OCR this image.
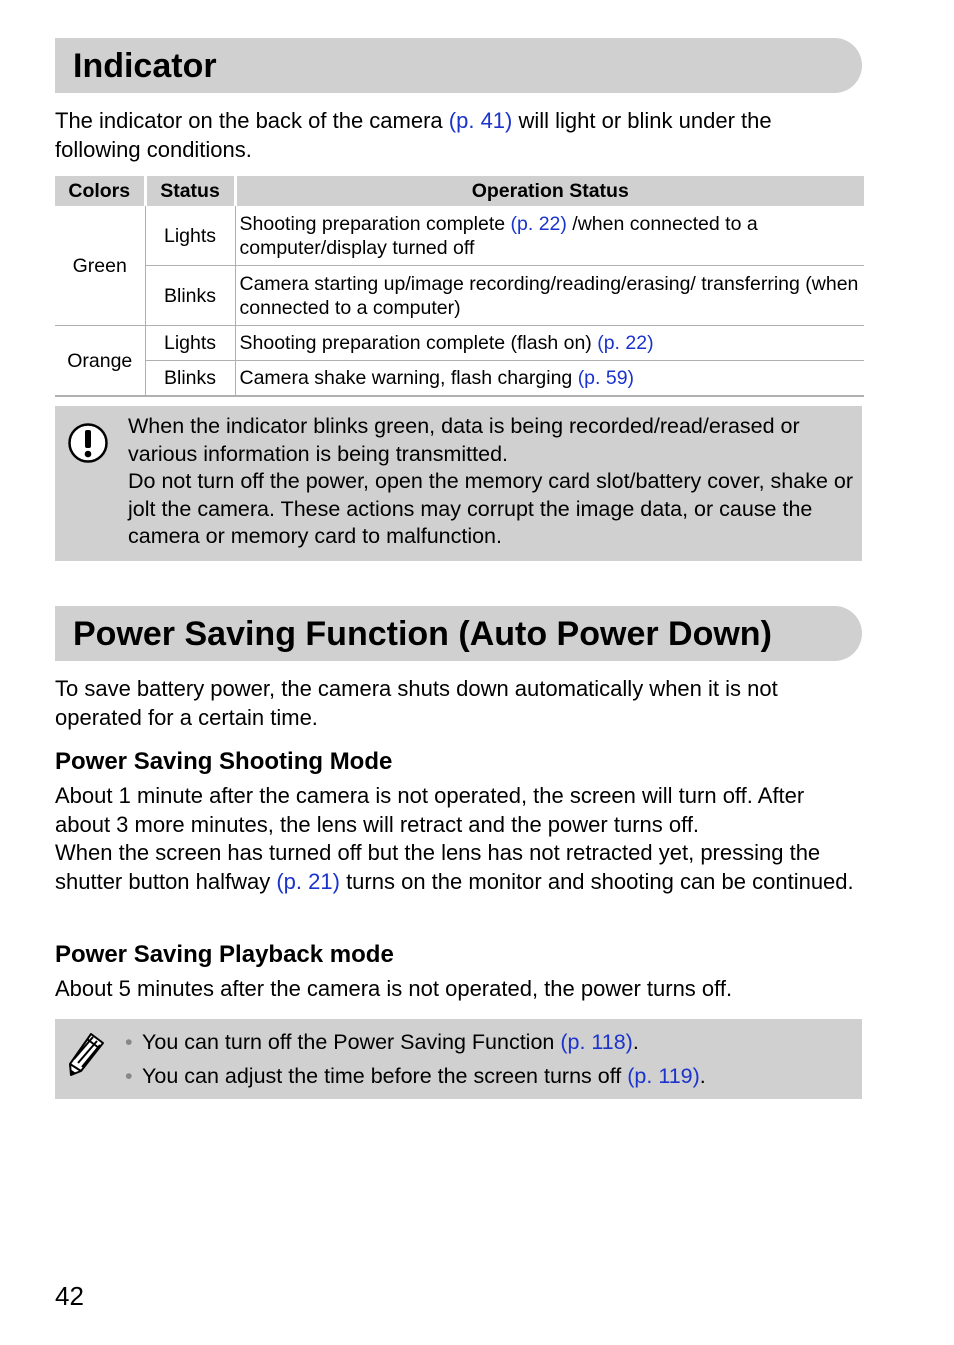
Indicator
The indicator on the back of the camera (p. 41) will light or blink under the following conditions.
Colors	Status	Operation Status
Green	Lights	Shooting preparation complete (p. 22) /when connected to a computer/display turned off
	Blinks	Camera starting up/image recording/reading/erasing/ transferring (when connected to a computer)
Orange	Lights	Shooting preparation complete (flash on) (p. 22)
	Blinks	Camera shake warning, flash charging (p. 59)

When the indicator blinks green, data is being recorded/read/erased or various information is being transmitted.

Do not turn off the power, open the memory card slot/battery cover, shake or jolt the camera. These actions may corrupt the image data, or cause the camera or memory card to malfunction.

Power Saving Function (Auto Power Down)
To save battery power, the camera shuts down automatically when it is not operated for a certain time.
Power Saving Shooting Mode

About 1 minute after the camera is not operated, the screen will turn off. After about 3 more minutes, the lens will retract and the power turns off.

When the screen has turned off but the lens has not retracted yet, pressing the shutter button halfway (p. 21) turns on the monitor and shooting can be continued.

Power Saving Playback mode
About 5 minutes after the camera is not operated, the power turns off.
• You can turn off the Power Saving Function (p. 118).
• You can adjust the time before the screen turns off (p. 119).
42
